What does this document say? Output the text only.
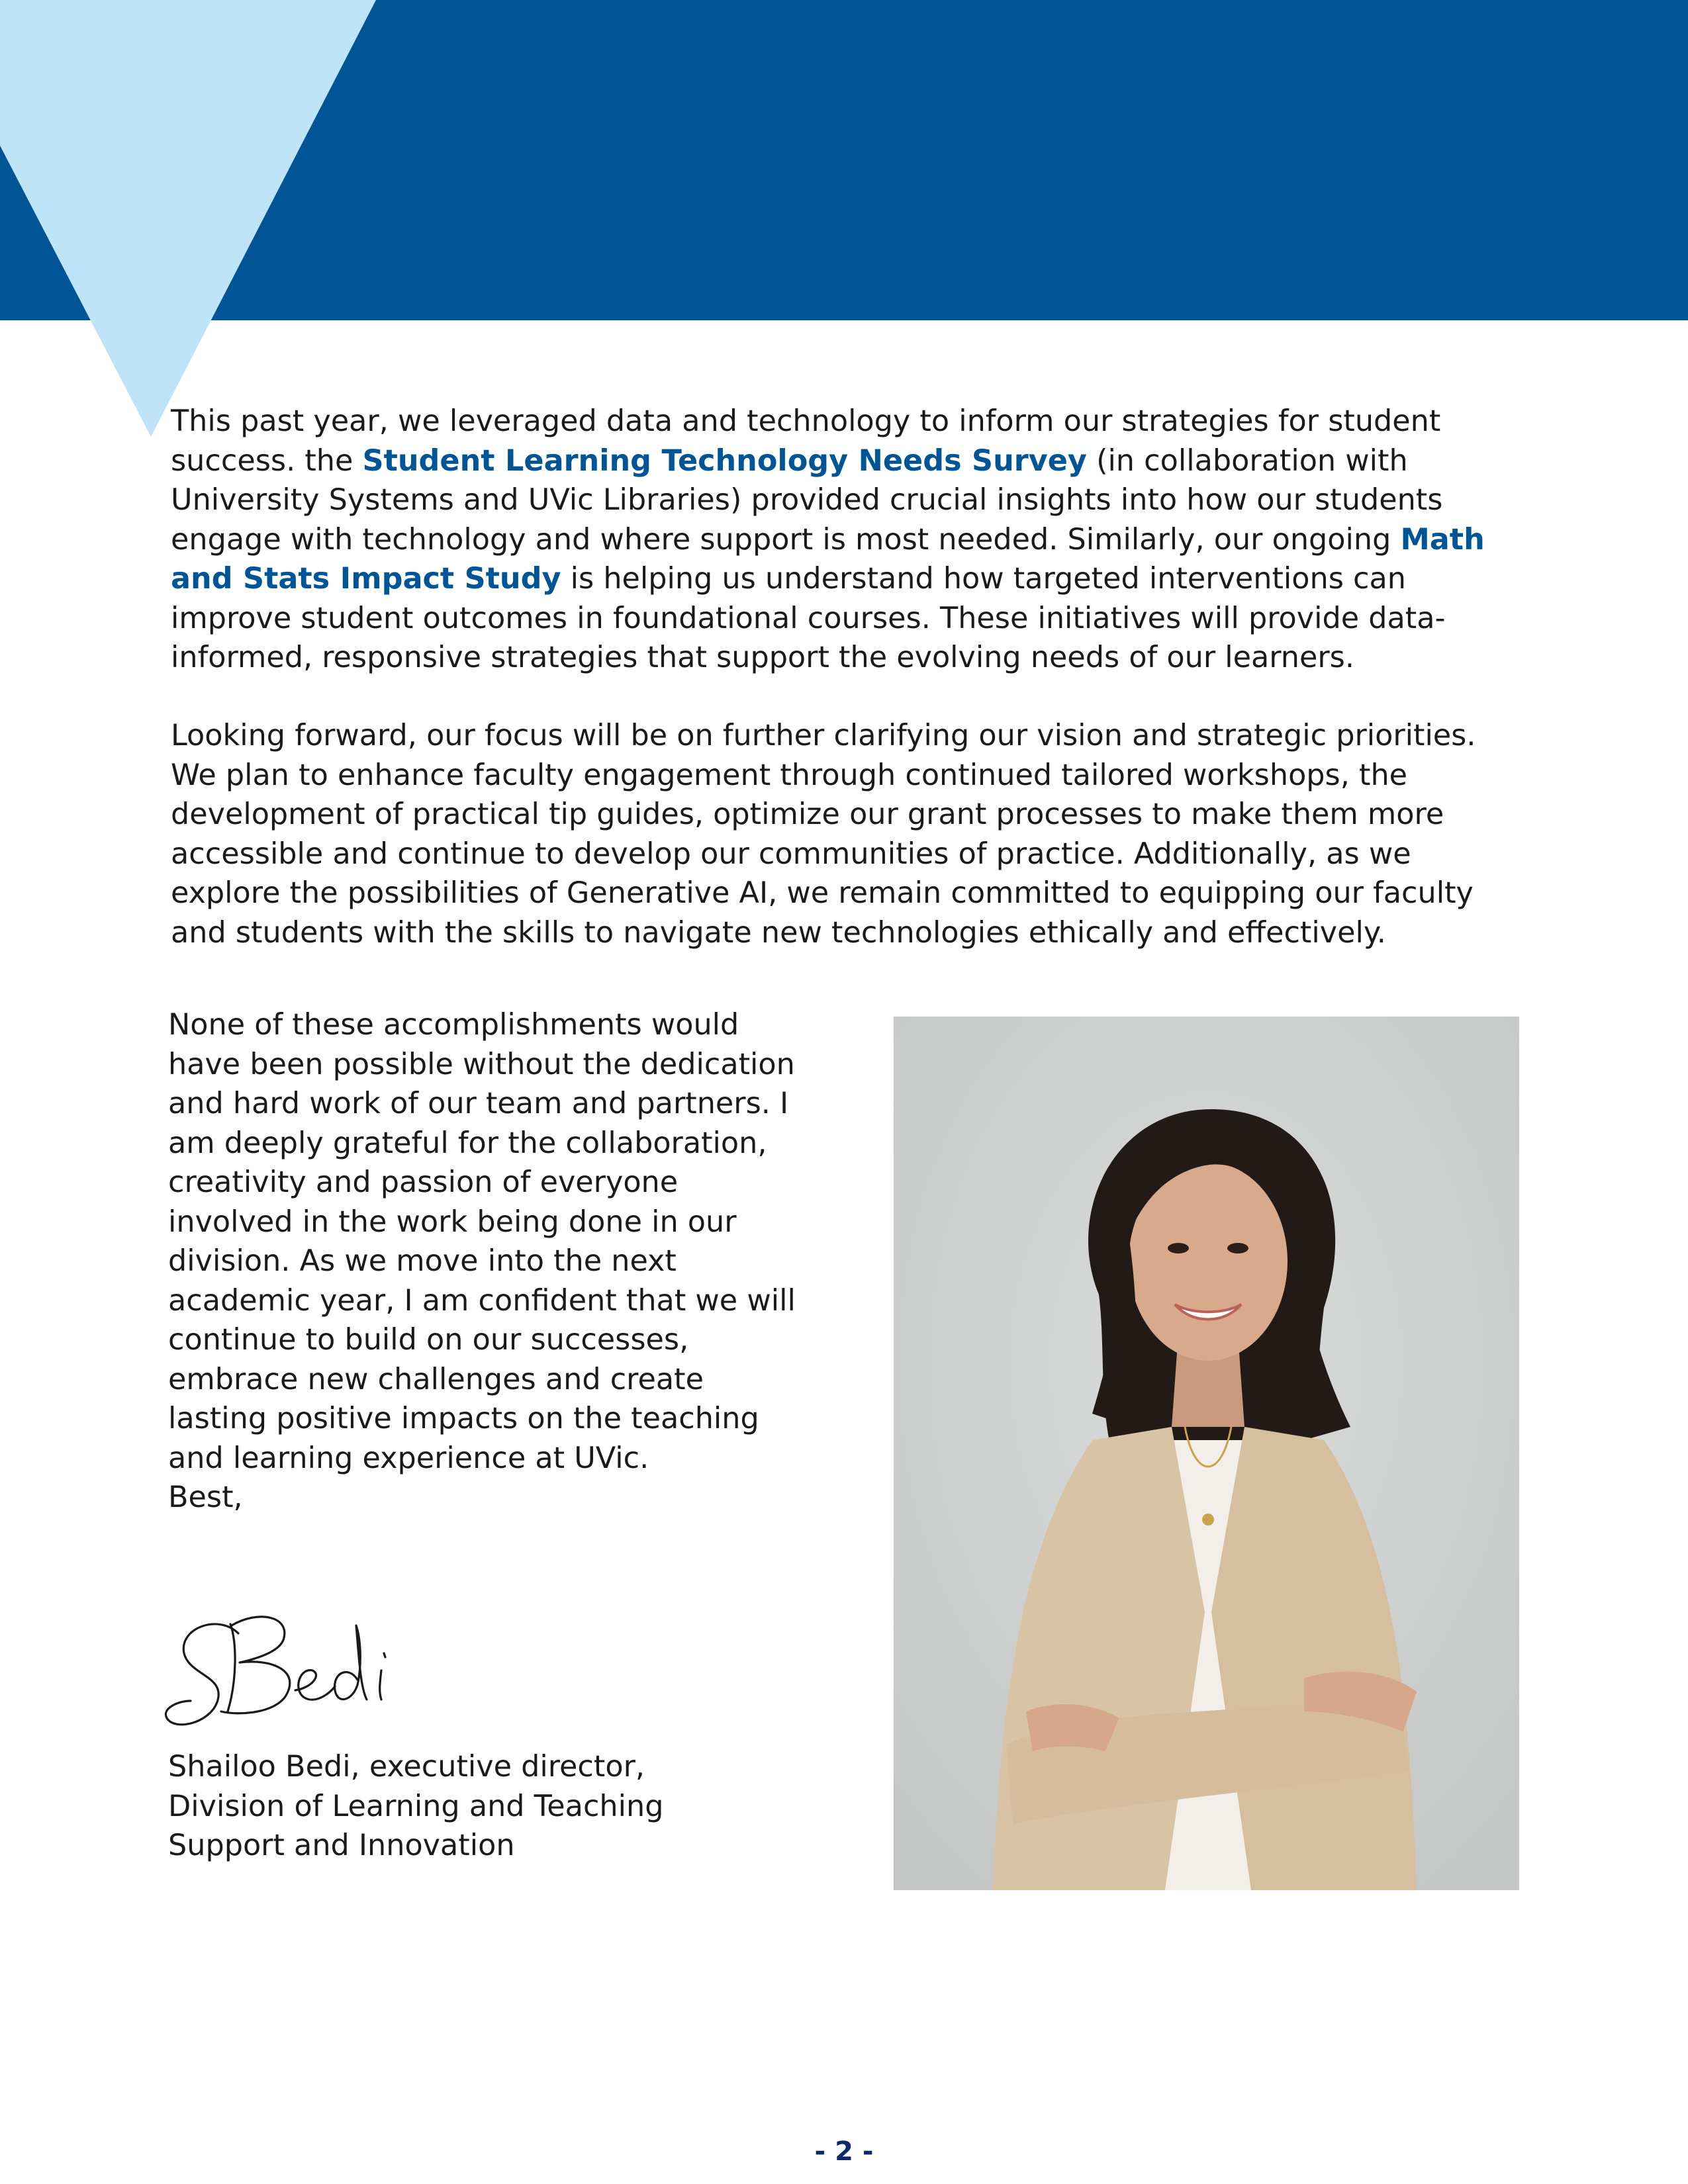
This past year, we leveraged data and technology to inform our strategies for student success. the Student Learning Technology Needs Survey (in collaboration with University Systems and UVic Libraries) provided crucial insights into how our students engage with technology and where support is most needed. Similarly, our ongoing Math and Stats Impact Study is helping us understand how targeted interventions can improve student outcomes in foundational courses. These initiatives will provide data-informed, responsive strategies that support the evolving needs of our learners.

Looking forward, our focus will be on further clarifying our vision and strategic priorities. We plan to enhance faculty engagement through continued tailored workshops, the development of practical tip guides, optimize our grant processes to make them more accessible and continue to develop our communities of practice. Additionally, as we explore the possibilities of Generative AI, we remain committed to equipping our faculty and students with the skills to navigate new technologies ethically and effectively.

None of these accomplishments would have been possible without the dedication and hard work of our team and partners. I am deeply grateful for the collaboration, creativity and passion of everyone involved in the work being done in our division. As we move into the next academic year, I am confident that we will continue to build on our successes, embrace new challenges and create lasting positive impacts on the teaching and learning experience at UVic.

Best,
Shailoo Bedi, executive director,
Division of Learning and Teaching
Support and Innovation
- 2 -
